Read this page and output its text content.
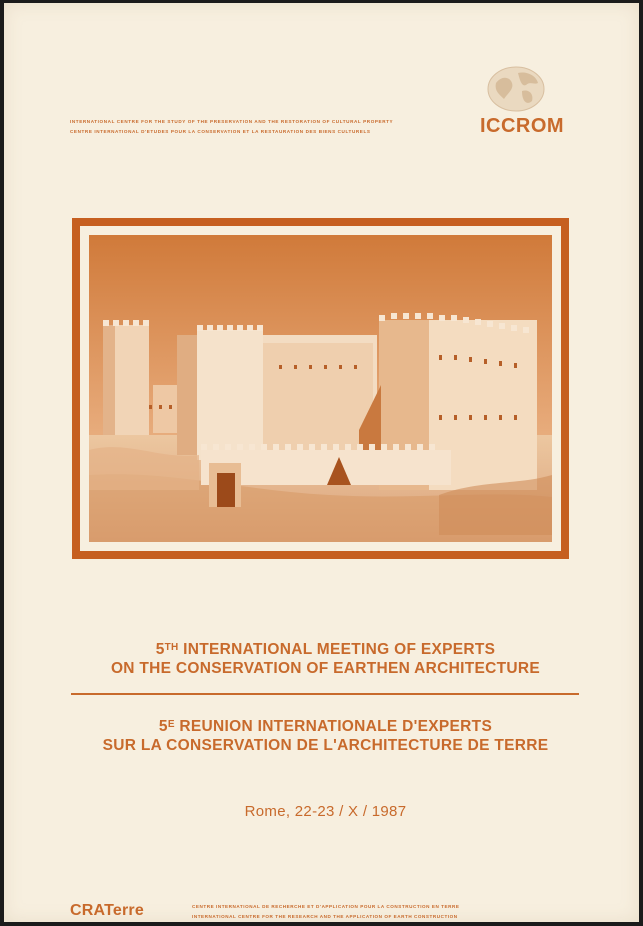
INTERNATIONAL CENTRE FOR THE STUDY OF THE PRESERVATION AND THE RESTORATION OF CULTURAL PROPERTY
CENTRE INTERNATIONAL D'ETUDES POUR LA CONSERVATION ET LA RESTAURATION DES BIENS CULTURELS	ICCROM
5TH INTERNATIONAL MEETING OF EXPERTS
ON THE CONSERVATION OF EARTHEN ARCHITECTURE
$5^E$ REUNION INTERNATIONALE D'EXPERTS
SUR LA CONSERVATION DE L'ARCHITECTURE DE TERRE
Rome, 22-23 / X / 1987
CRATerre	CENTRE INTERNATIONAL DE RECHERCHE ET D'APPLICATION POUR LA CONSTRUCTION EN TERRE
INTERNATIONAL CENTRE FOR THE RESEARCH AND THE APPLICATION OF EARTH CONSTRUCTION
